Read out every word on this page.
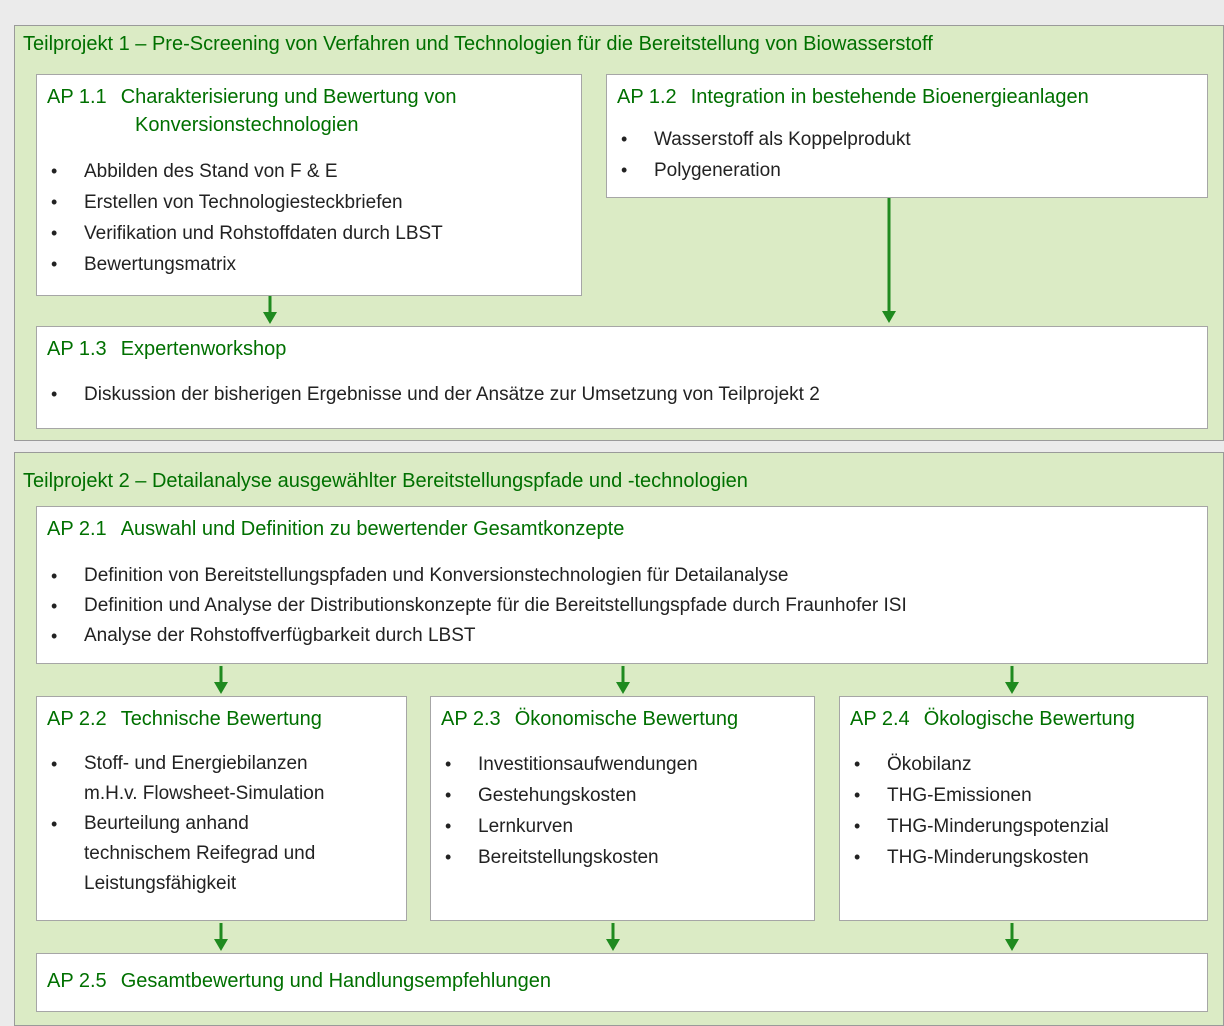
Teilprojekt 1 – Pre-Screening von Verfahren und Technologien für die Bereitstellung von Biowasserstoff
AP 1.1 Charakterisierung und Bewertung von
Konversionstechnologien
• Abbilden des Stand von F & E
• Erstellen von Technologiesteckbriefen
• Verifikation und Rohstoffdaten durch LBST
• Bewertungsmatrix
AP 1.2 Integration in bestehende Bioenergieanlagen
• Wasserstoff als Koppelprodukt
• Polygeneration
AP 1.3 Expertenworkshop
• Diskussion der bisherigen Ergebnisse und der Ansätze zur Umsetzung von Teilprojekt 2
Teilprojekt 2 – Detailanalyse ausgewählter Bereitstellungspfade und -technologien
AP 2.1 Auswahl und Definition zu bewertender Gesamtkonzepte
• Definition von Bereitstellungspfaden und Konversionstechnologien für Detailanalyse
• Definition und Analyse der Distributionskonzepte für die Bereitstellungspfade durch Fraunhofer ISI
• Analyse der Rohstoffverfügbarkeit durch LBST
AP 2.2 Technische Bewertung
• Stoff- und Energiebilanzen
m.H.v. Flowsheet-Simulation
• Beurteilung anhand
technischem Reifegrad und
Leistungsfähigkeit
AP 2.3 Ökonomische Bewertung
• Investitionsaufwendungen
• Gestehungskosten
• Lernkurven
• Bereitstellungskosten
AP 2.4 Ökologische Bewertung
• Ökobilanz
• THG-Emissionen
• THG-Minderungspotenzial
• THG-Minderungskosten
AP 2.5 Gesamtbewertung und Handlungsempfehlungen
